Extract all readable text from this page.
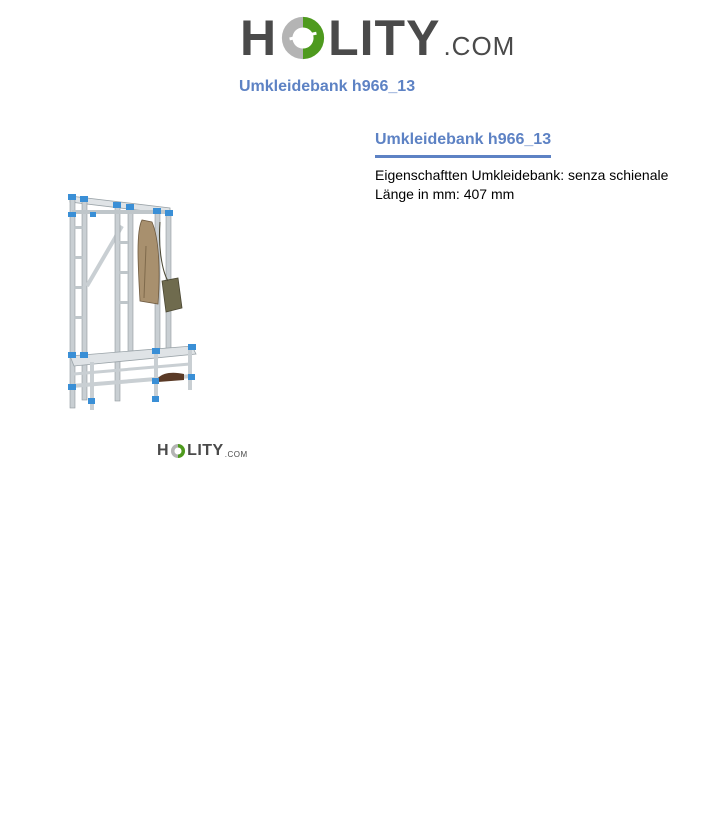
H LITY .COM
Umkleidebank h966_13
H LITY .COM
Umkleidebank h966_13

Eigenschaftten Umkleidebank: senza schienale

Länge in mm: 407 mm
